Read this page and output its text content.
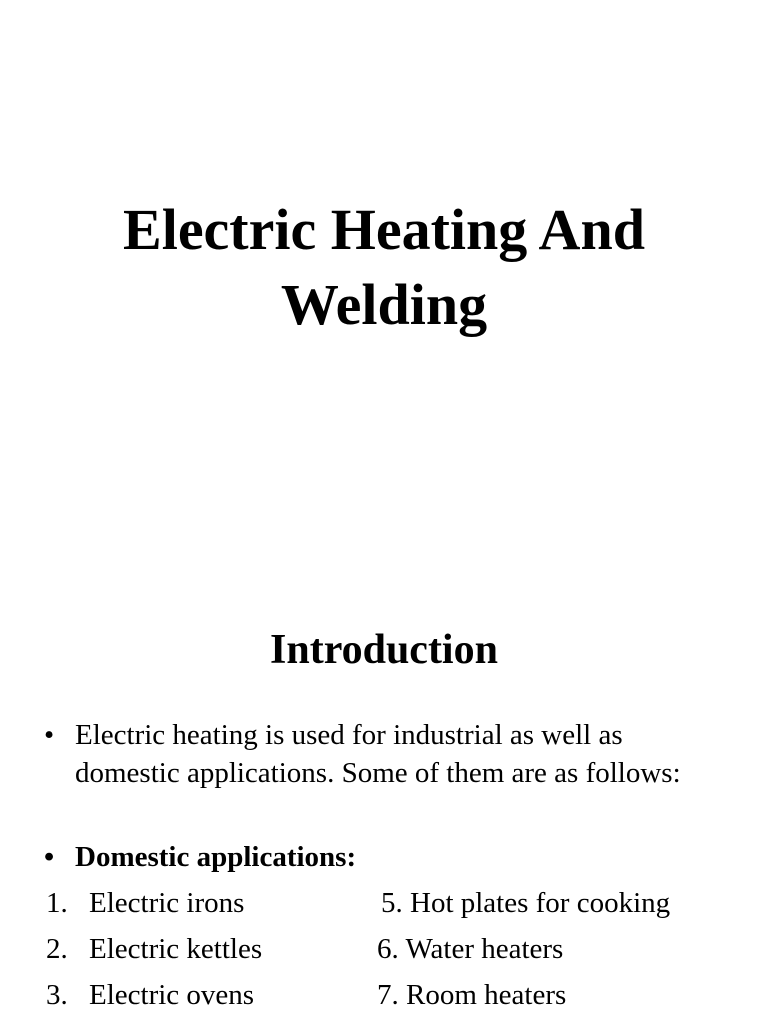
Electric Heating And
Welding
Introduction
• Electric heating is used for industrial as well as domestic applications. Some of them are as follows:
• Domestic applications:
1. Electric irons	5. Hot plates for cooking
2. Electric kettles	6. Water heaters
3. Electric ovens	7. Room heaters
